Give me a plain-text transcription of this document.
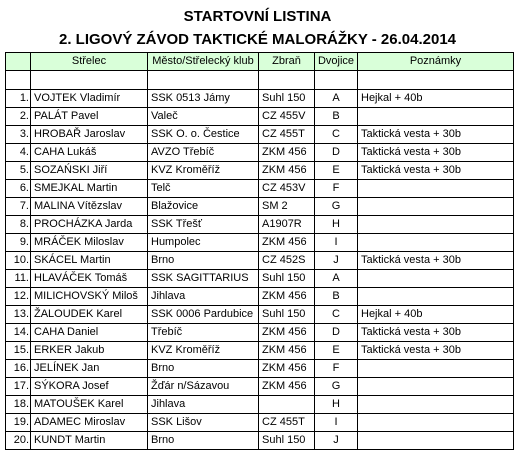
STARTOVNÍ LISTINA
2. LIGOVÝ ZÁVOD TAKTICKÉ MALORÁŽKY - 26.04.2014
	Střelec	Město/Střelecký klub	Zbraň	Dvojice	Poznámky

1.	VOJTEK Vladimír	SSK 0513 Jámy	Suhl 150	A	Hejkal + 40b
2.	PALÁT Pavel	Valeč	CZ 455V	B	
3.	HROBAŘ Jaroslav	SSK O. o. Čestice	CZ 455T	C	Taktická vesta + 30b
4.	CAHA Lukáš	AVZO Třebíč	ZKM 456	D	Taktická vesta + 30b
5.	SOZAŃSKI Jiří	KVZ Kroměříž	ZKM 456	E	Taktická vesta + 30b
6.	SMEJKAL Martin	Telč	CZ 453V	F	
7.	MALINA Vítězslav	Blažovice	SM 2	G	
8.	PROCHÁZKA Jarda	SSK Třešť	A1907R	H	
9.	MRÁČEK Miloslav	Humpolec	ZKM 456	I	
10.	SKÁCEL Martin	Brno	CZ 452S	J	Taktická vesta + 30b
11.	HLAVÁČEK Tomáš	SSK SAGITTARIUS	Suhl 150	A	
12.	MILICHOVSKÝ Miloš	Jihlava	ZKM 456	B	
13.	ŽALOUDEK Karel	SSK 0006 Pardubice	Suhl 150	C	Hejkal + 40b
14.	CAHA Daniel	Třebíč	ZKM 456	D	Taktická vesta + 30b
15.	ERKER Jakub	KVZ Kroměříž	ZKM 456	E	Taktická vesta + 30b
16.	JELÍNEK Jan	Brno	ZKM 456	F	
17.	SÝKORA Josef	Žďár n/Sázavou	ZKM 456	G	
18.	MATOUŠEK Karel	Jihlava		H	
19.	ADAMEC Miroslav	SSK Lišov	CZ 455T	I	
20.	KUNDT Martin	Brno	Suhl 150	J	
